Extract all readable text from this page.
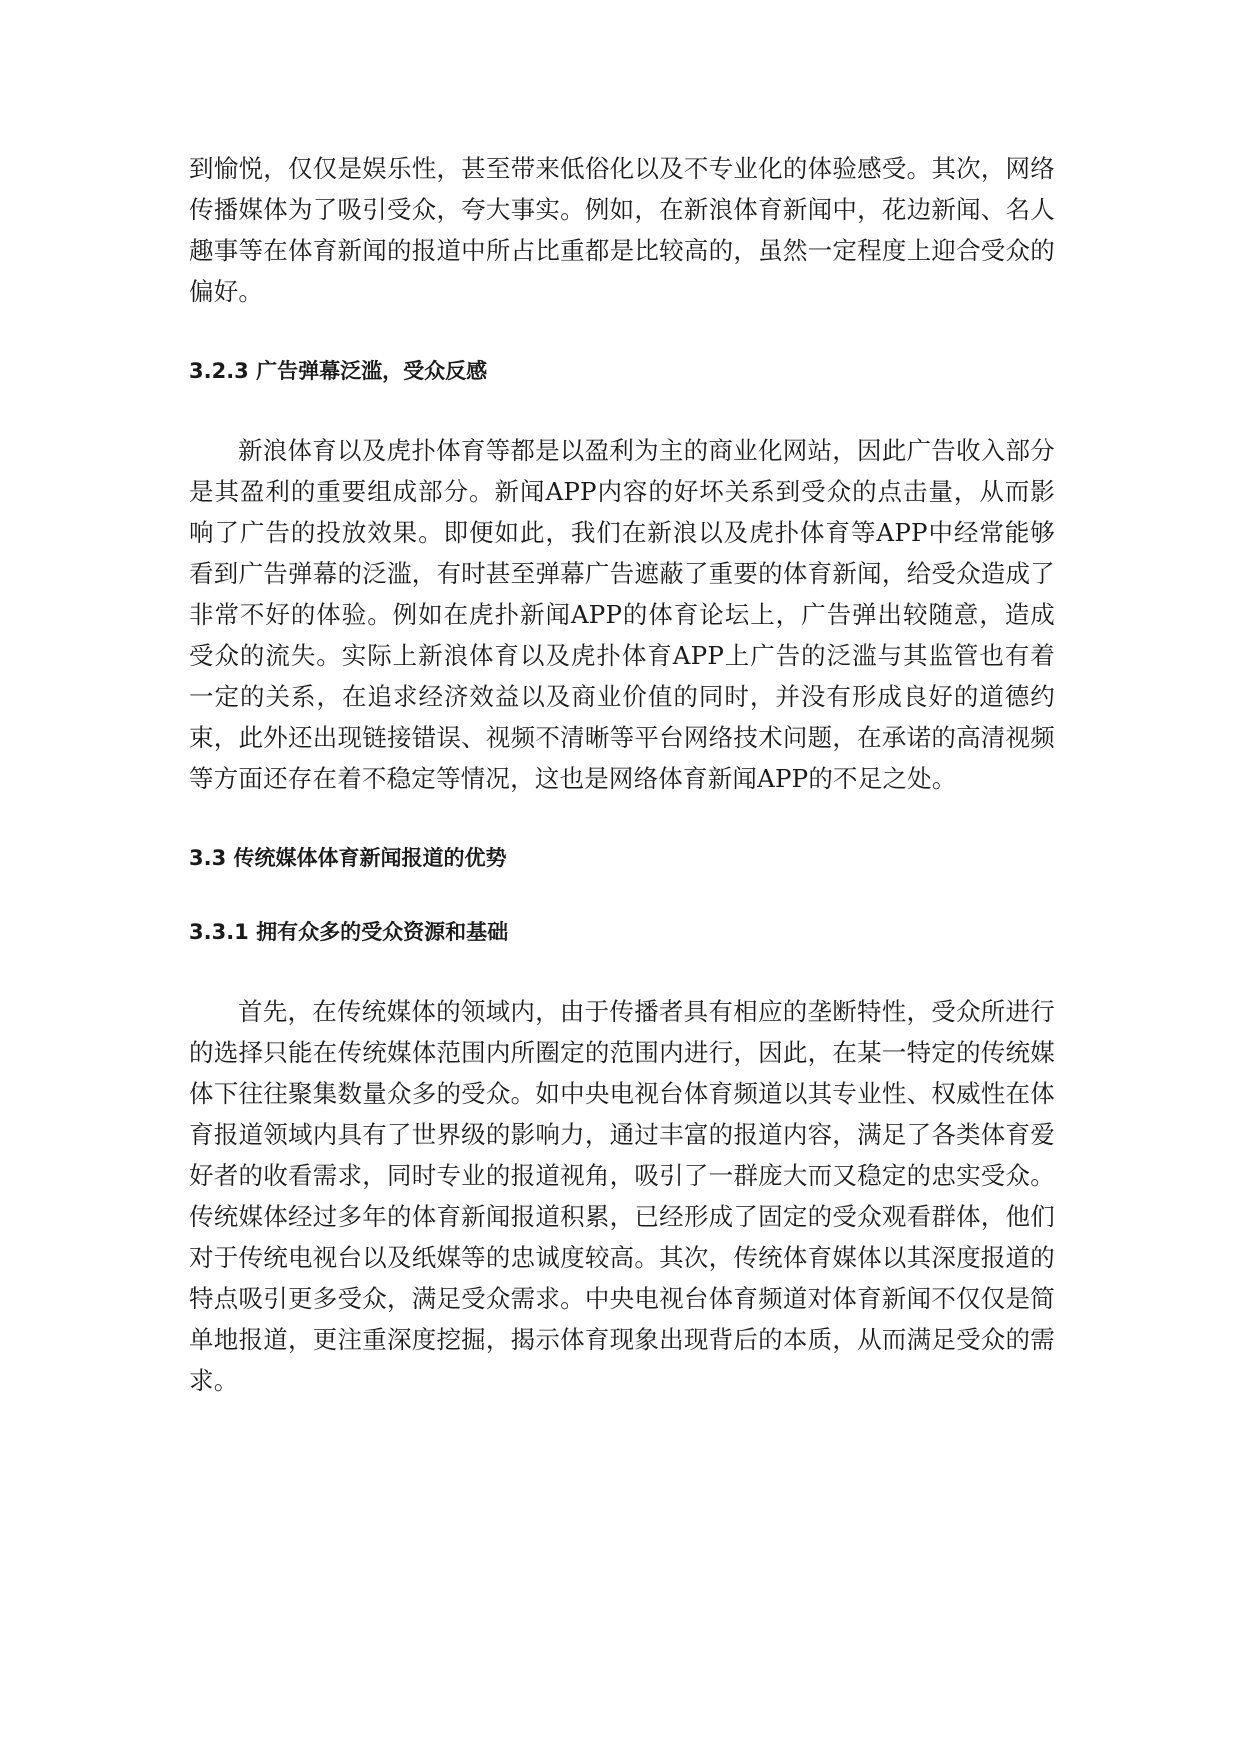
到愉悦，仅仅是娱乐性，甚至带来低俗化以及不专业化的体验感受。其次，网络传播媒体为了吸引受众，夸大事实。例如，在新浪体育新闻中，花边新闻、名人趣事等在体育新闻的报道中所占比重都是比较高的，虽然一定程度上迎合受众的偏好。

3.2.3 广告弹幕泛滥，受众反感

新浪体育以及虎扑体育等都是以盈利为主的商业化网站，因此广告收入部分是其盈利的重要组成部分。新闻APP内容的好坏关系到受众的点击量，从而影响了广告的投放效果。即便如此，我们在新浪以及虎扑体育等APP中经常能够看到广告弹幕的泛滥，有时甚至弹幕广告遮蔽了重要的体育新闻，给受众造成了非常不好的体验。例如在虎扑新闻APP的体育论坛上，广告弹出较随意，造成受众的流失。实际上新浪体育以及虎扑体育APP上广告的泛滥与其监管也有着一定的关系，在追求经济效益以及商业价值的同时，并没有形成良好的道德约束，此外还出现链接错误、视频不清晰等平台网络技术问题，在承诺的高清视频等方面还存在着不稳定等情况，这也是网络体育新闻APP的不足之处。

3.3 传统媒体体育新闻报道的优势
3.3.1 拥有众多的受众资源和基础

首先，在传统媒体的领域内，由于传播者具有相应的垄断特性，受众所进行的选择只能在传统媒体范围内所圈定的范围内进行，因此，在某一特定的传统媒体下往往聚集数量众多的受众。如中央电视台体育频道以其专业性、权威性在体育报道领域内具有了世界级的影响力，通过丰富的报道内容，满足了各类体育爱好者的收看需求，同时专业的报道视角，吸引了一群庞大而又稳定的忠实受众。传统媒体经过多年的体育新闻报道积累，已经形成了固定的受众观看群体，他们对于传统电视台以及纸媒等的忠诚度较高。其次，传统体育媒体以其深度报道的特点吸引更多受众，满足受众需求。中央电视台体育频道对体育新闻不仅仅是简单地报道，更注重深度挖掘，揭示体育现象出现背后的本质，从而满足受众的需求。
